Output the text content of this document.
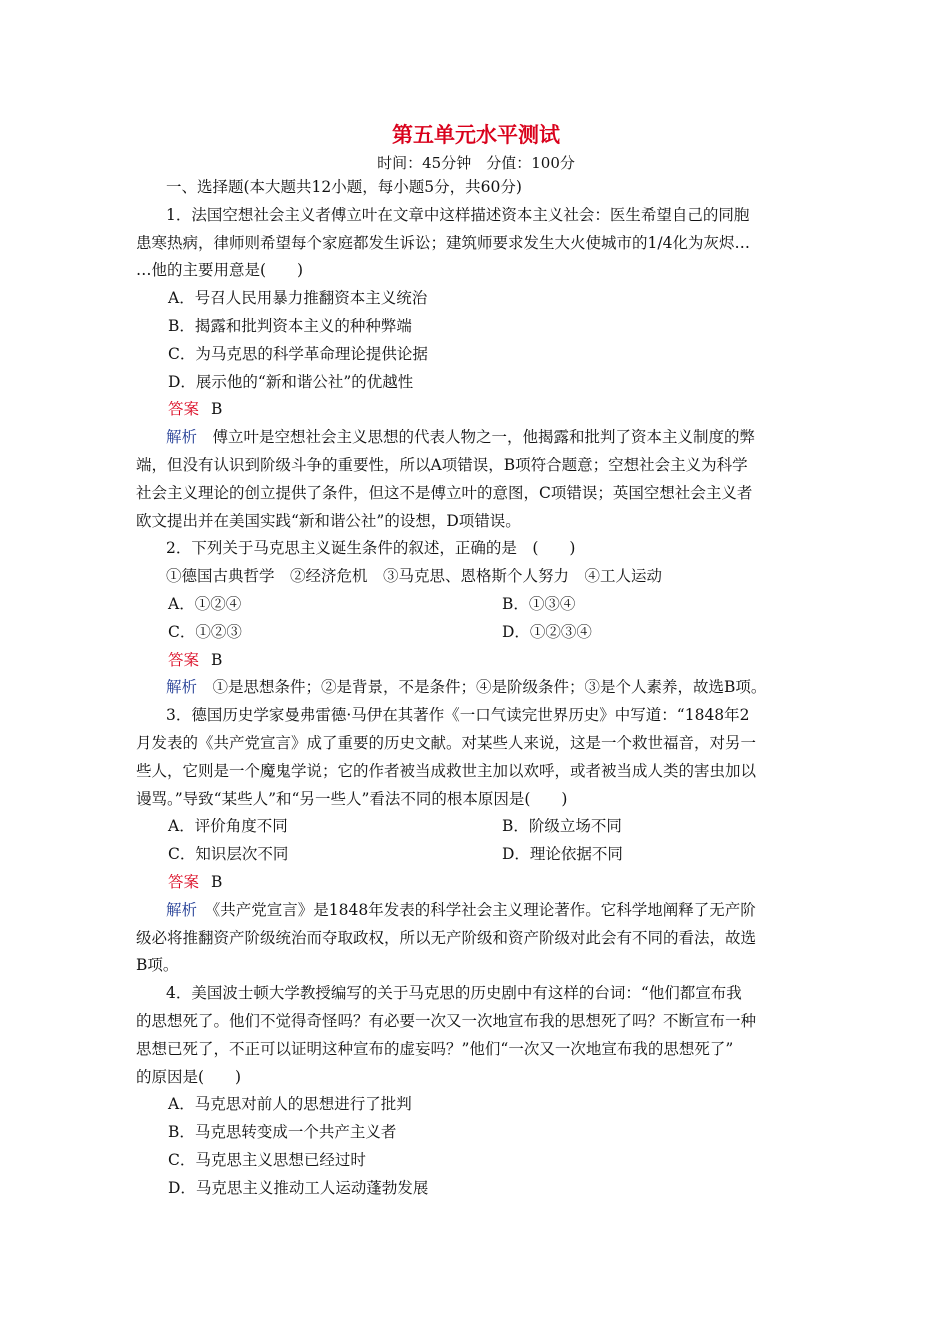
第五单元水平测试
时间：45分钟　分值：100分
一、选择题(本大题共12小题，每小题5分，共60分)
1．法国空想社会主义者傅立叶在文章中这样描述资本主义社会：医生希望自己的同胞
患寒热病，律师则希望每个家庭都发生诉讼；建筑师要求发生大火使城市的1/4化为灰烬…
…他的主要用意是(　　)
A．号召人民用暴力推翻资本主义统治
B．揭露和批判资本主义的种种弊端
C．为马克思的科学革命理论提供论据
D．展示他的“新和谐公社”的优越性
答案 B
解析　 傅立叶是空想社会主义思想的代表人物之一，他揭露和批判了资本主义制度的弊
端，但没有认识到阶级斗争的重要性，所以A项错误，B项符合题意；空想社会主义为科学
社会主义理论的创立提供了条件，但这不是傅立叶的意图，C项错误；英国空想社会主义者
欧文提出并在美国实践“新和谐公社”的设想，D项错误。
2．下列关于马克思主义诞生条件的叙述，正确的是　(　　)
①德国古典哲学　②经济危机　③马克思、恩格斯个人努力　④工人运动
A．①②④	B．①③④
C．①②③	D．①②③④
答案 B
解析　 ①是思想条件；②是背景，不是条件；④是阶级条件；③是个人素养，故选B项。
3．德国历史学家曼弗雷德·马伊在其著作《一口气读完世界历史》中写道：“1848年2
月发表的《共产党宣言》成了重要的历史文献。对某些人来说，这是一个救世福音，对另一
些人，它则是一个魔鬼学说；它的作者被当成救世主加以欢呼，或者被当成人类的害虫加以
谩骂。”导致“某些人”和“另一些人”看法不同的根本原因是(　　)
A．评价角度不同	B．阶级立场不同
C．知识层次不同	D．理论依据不同
答案 B
解析　 《共产党宣言》是1848年发表的科学社会主义理论著作。它科学地阐释了无产阶
级必将推翻资产阶级统治而夺取政权，所以无产阶级和资产阶级对此会有不同的看法，故选
B项。
4．美国波士顿大学教授编写的关于马克思的历史剧中有这样的台词：“他们都宣布我
的思想死了。他们不觉得奇怪吗？有必要一次又一次地宣布我的思想死了吗？不断宣布一种
思想已死了，不正可以证明这种宣布的虚妄吗？”他们“一次又一次地宣布我的思想死了”
的原因是(　　)
A．马克思对前人的思想进行了批判
B．马克思转变成一个共产主义者
C．马克思主义思想已经过时
D．马克思主义推动工人运动蓬勃发展
